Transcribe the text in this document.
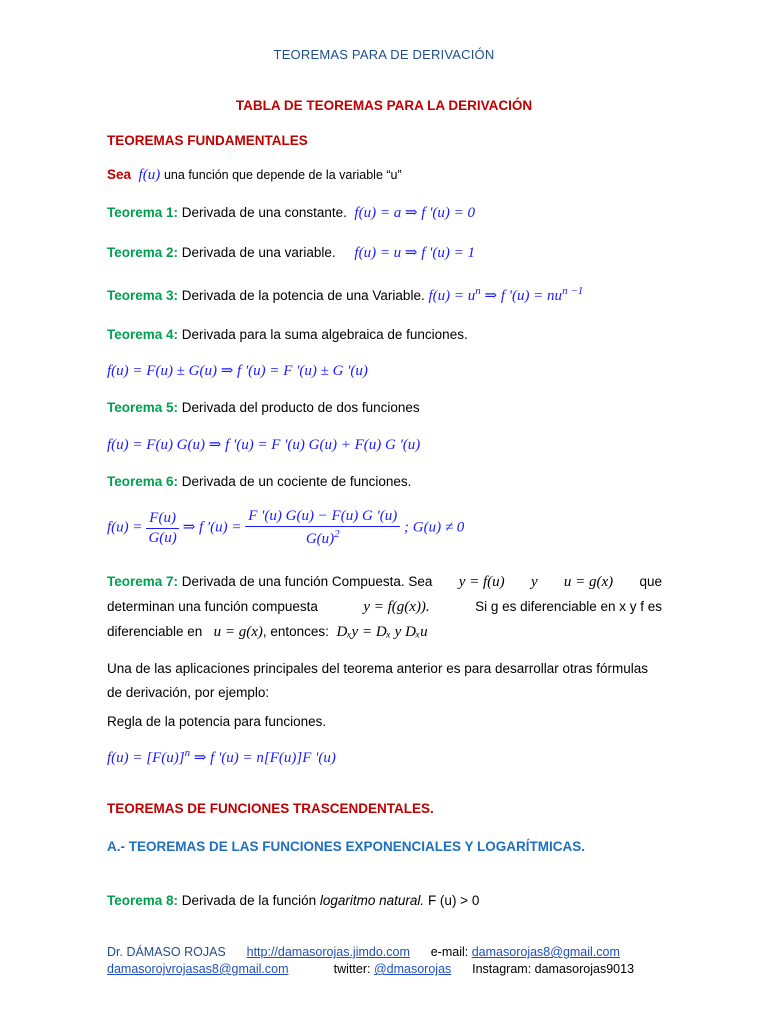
TEOREMAS PARA DE DERIVACIÓN
TABLA DE TEOREMAS PARA LA DERIVACIÓN
TEOREMAS FUNDAMENTALES
Sea f(u) una función que depende de la variable “u”
Teorema 1: Derivada de una constante. f(u) = a ⇒ f '(u) = 0
Teorema 2: Derivada de una variable. f(u) = u ⇒ f '(u) = 1
Teorema 3: Derivada de la potencia de una Variable. $f(u) = u^n$ ⇒ f '$(u) = nu^{n -1}$
Teorema 4: Derivada para la suma algebraica de funciones.
f(u) = F(u) ± G(u) ⇒ f '(u) = F '(u) ± G '(u)
Teorema 5: Derivada del producto de dos funciones
f(u) = F(u) G(u) ⇒ f '(u) = F '(u) G(u) + F(u) G '(u)
Teorema 6: Derivada de un cociente de funciones.
$f(u) = \frac{F(u)}{G(u)}$ ⇒ f '$(u) = \frac{F '(u) G(u) - F(u) G '(u)}{G(u)^2}$ ; G(u) ≠ 0
Teorema 7: Derivada de una función Compuesta. Sea y = f(u) y u = g(x) que
determinan una función compuesta	y = f(g(x)).	Si g es diferenciable en x y f es
diferenciable en u = g(x), entonces: Dₓy = Dₓ y Dₓu
Una de las aplicaciones principales del teorema anterior es para desarrollar otras fórmulas
de derivación, por ejemplo:
Regla de la potencia para funciones.
$f(u) = [F(u)]^n$ ⇒ f '(u) = n[F(u)]F '(u)
TEOREMAS DE FUNCIONES TRASCENDENTALES.
A.- TEOREMAS DE LAS FUNCIONES EXPONENCIALES Y LOGARÍTMICAS.
Teorema 8: Derivada de la función logaritmo natural. F (u) > 0
Dr. DÁMASO ROJAS http://damasorojas.jimdo.com e-mail: damasorojas8@gmail.com
damasorojvrojasas8@gmail.com	twitter: @dmasorojas Instagram: damasorojas9013
